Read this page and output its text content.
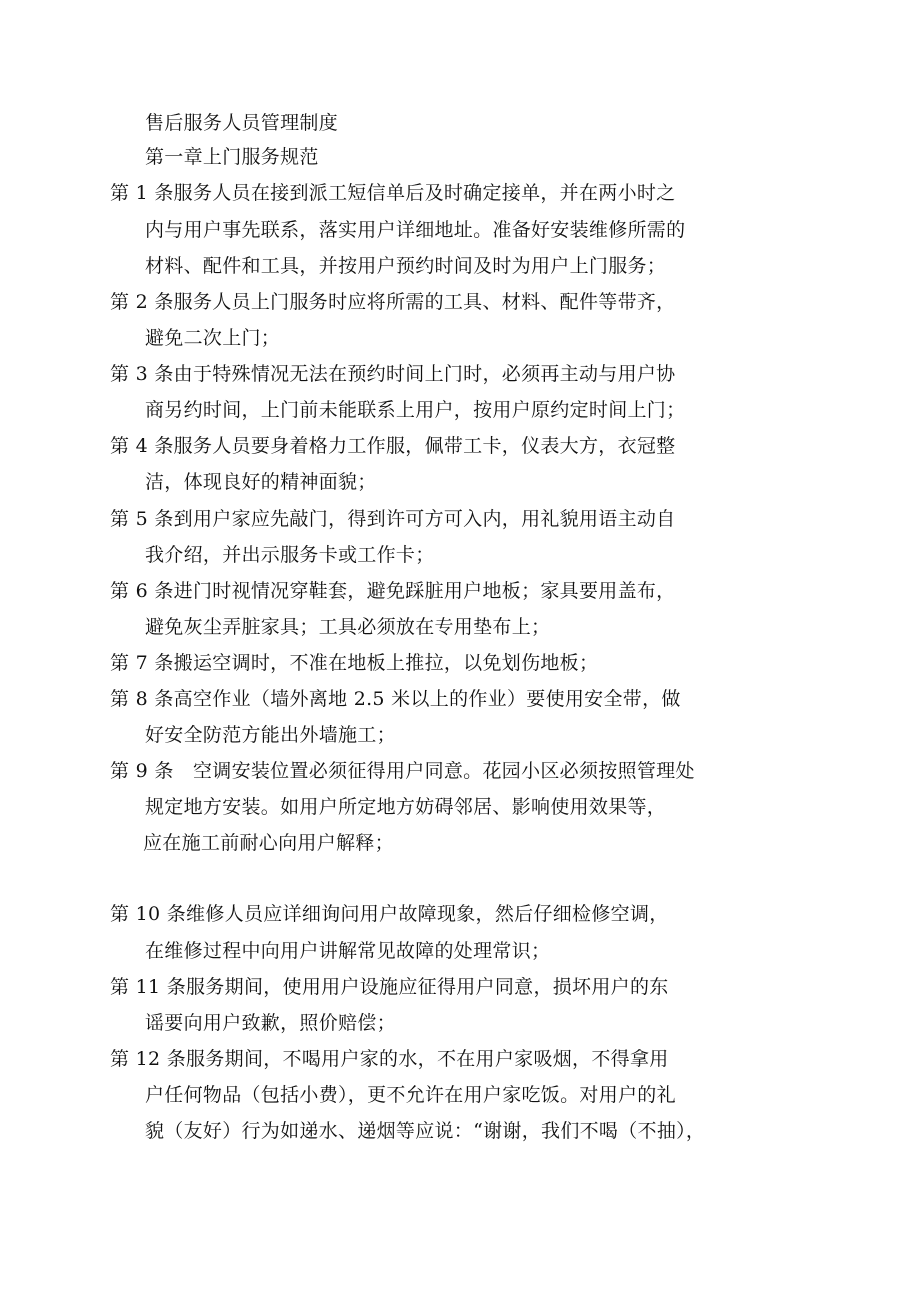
售后服务人员管理制度
第一章上门服务规范
第 1 条服务人员在接到派工短信单后及时确定接单，并在两小时之
内与用户事先联系，落实用户详细地址。准备好安装维修所需的
材料、配件和工具，并按用户预约时间及时为用户上门服务；
第 2 条服务人员上门服务时应将所需的工具、材料、配件等带齐，
避免二次上门；
第 3 条由于特殊情况无法在预约时间上门时，必须再主动与用户协
商另约时间，上门前未能联系上用户，按用户原约定时间上门；
第 4 条服务人员要身着格力工作服，佩带工卡，仪表大方，衣冠整
洁，体现良好的精神面貌；
第 5 条到用户家应先敲门，得到许可方可入内，用礼貌用语主动自
我介绍，并出示服务卡或工作卡；
第 6 条进门时视情况穿鞋套，避免踩脏用户地板；家具要用盖布，
避免灰尘弄脏家具；工具必须放在专用垫布上；
第 7 条搬运空调时，不准在地板上推拉，以免划伤地板；
第 8 条高空作业（墙外离地 2.5 米以上的作业）要使用安全带，做
好安全防范方能出外墙施工；
第 9 条　空调安装位置必须征得用户同意。花园小区必须按照管理处
规定地方安装。如用户所定地方妨碍邻居、影响使用效果等，
应在施工前耐心向用户解释；
第 10 条维修人员应详细询问用户故障现象，然后仔细检修空调，
在维修过程中向用户讲解常见故障的处理常识；
第 11 条服务期间，使用用户设施应征得用户同意，损坏用户的东
谣要向用户致歉，照价赔偿；
第 12 条服务期间，不喝用户家的水，不在用户家吸烟，不得拿用
户任何物品（包括小费），更不允许在用户家吃饭。对用户的礼
貌（友好）行为如递水、递烟等应说：“谢谢，我们不喝（不抽），
